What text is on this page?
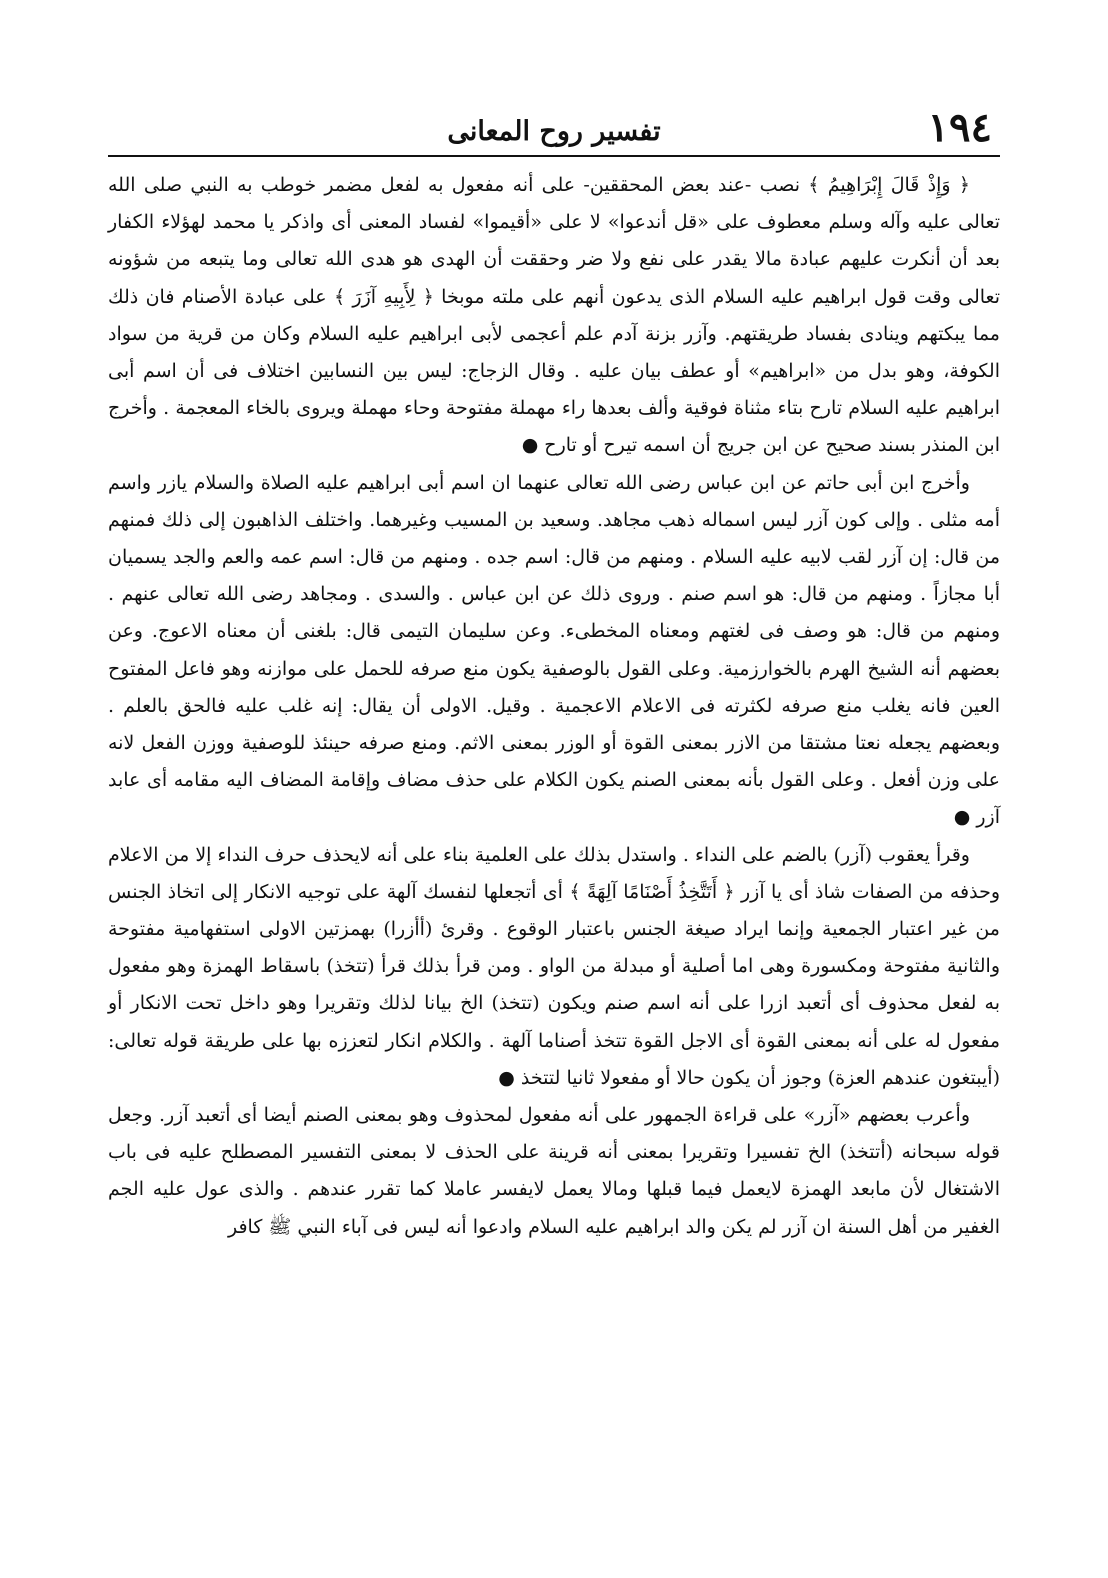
١٩٤
تفسير روح المعانى

﴿ وَإِذْ قَالَ إِبْرَاهِيمُ ﴾ نصب -عند بعض المحققين- على أنه مفعول به لفعل مضمر خوطب به النبي صلى الله تعالى عليه وآله وسلم معطوف على «قل أندعوا» لا على «أقيموا» لفساد المعنى أى واذكر يا محمد لهؤلاء الكفار بعد أن أنكرت عليهم عبادة مالا يقدر على نفع ولا ضر وحققت أن الهدى هو هدى الله تعالى وما يتبعه من شؤونه تعالى وقت قول ابراهيم عليه السلام الذى يدعون أنهم على ملته موبخا ﴿ لِأَبِيهِ آزَرَ ﴾ على عبادة الأصنام فان ذلك مما يبكتهم وينادى بفساد طريقتهم. وآزر بزنة آدم علم أعجمى لأبى ابراهيم عليه السلام وكان من قرية من سواد الكوفة، وهو بدل من «ابراهيم» أو عطف بيان عليه . وقال الزجاج: ليس بين النسابين اختلاف فى أن اسم أبى ابراهيم عليه السلام تارح بتاء مثناة فوقية وألف بعدها راء مهملة مفتوحة وحاء مهملة ويروى بالخاء المعجمة . وأخرج ابن المنذر بسند صحيح عن ابن جريج أن اسمه تيرح أو تارح ●

وأخرج ابن أبى حاتم عن ابن عباس رضى الله تعالى عنهما ان اسم أبى ابراهيم عليه الصلاة والسلام يازر واسم أمه مثلى . وإلى كون آزر ليس اسماله ذهب مجاهد. وسعيد بن المسيب وغيرهما. واختلف الذاهبون إلى ذلك فمنهم من قال: إن آزر لقب لابيه عليه السلام . ومنهم من قال: اسم جده . ومنهم من قال: اسم عمه والعم والجد يسميان أبا مجازاً . ومنهم من قال: هو اسم صنم . وروى ذلك عن ابن عباس . والسدى . ومجاهد رضى الله تعالى عنهم . ومنهم من قال: هو وصف فى لغتهم ومعناه المخطىء. وعن سليمان التيمى قال: بلغنى أن معناه الاعوج. وعن بعضهم أنه الشيخ الهرم بالخوارزمية. وعلى القول بالوصفية يكون منع صرفه للحمل على موازنه وهو فاعل المفتوح العين فانه يغلب منع صرفه لكثرته فى الاعلام الاعجمية . وقيل. الاولى أن يقال: إنه غلب عليه فالحق بالعلم . وبعضهم يجعله نعتا مشتقا من الازر بمعنى القوة أو الوزر بمعنى الاثم. ومنع صرفه حينئذ للوصفية ووزن الفعل لانه على وزن أفعل . وعلى القول بأنه بمعنى الصنم يكون الكلام على حذف مضاف وإقامة المضاف اليه مقامه أى عابد آزر ●

وقرأ يعقوب (آزر) بالضم على النداء . واستدل بذلك على العلمية بناء على أنه لايحذف حرف النداء إلا من الاعلام وحذفه من الصفات شاذ أى يا آزر ﴿ أَتَتَّخِذُ أَصْنَامًا آلِهَةً ﴾ أى أتجعلها لنفسك آلهة على توجيه الانكار إلى اتخاذ الجنس من غير اعتبار الجمعية وإنما ايراد صيغة الجنس باعتبار الوقوع . وقرئ (أأزرا) بهمزتين الاولى استفهامية مفتوحة والثانية مفتوحة ومكسورة وهى اما أصلية أو مبدلة من الواو . ومن قرأ بذلك قرأ (تتخذ) باسقاط الهمزة وهو مفعول به لفعل محذوف أى أتعبد ازرا على أنه اسم صنم ويكون (تتخذ) الخ بيانا لذلك وتقريرا وهو داخل تحت الانكار أو مفعول له على أنه بمعنى القوة أى الاجل القوة تتخذ أصناما آلهة . والكلام انكار لتعززه بها على طريقة قوله تعالى: (أيبتغون عندهم العزة) وجوز أن يكون حالا أو مفعولا ثانيا لتتخذ ●

وأعرب بعضهم «آزر» على قراءة الجمهور على أنه مفعول لمحذوف وهو بمعنى الصنم أيضا أى أتعبد آزر. وجعل قوله سبحانه (أتتخذ) الخ تفسيرا وتقريرا بمعنى أنه قرينة على الحذف لا بمعنى التفسير المصطلح عليه فى باب الاشتغال لأن مابعد الهمزة لايعمل فيما قبلها ومالا يعمل لايفسر عاملا كما تقرر عندهم . والذى عول عليه الجم الغفير من أهل السنة ان آزر لم يكن والد ابراهيم عليه السلام وادعوا أنه ليس فى آباء النبي ﷺ كافر
